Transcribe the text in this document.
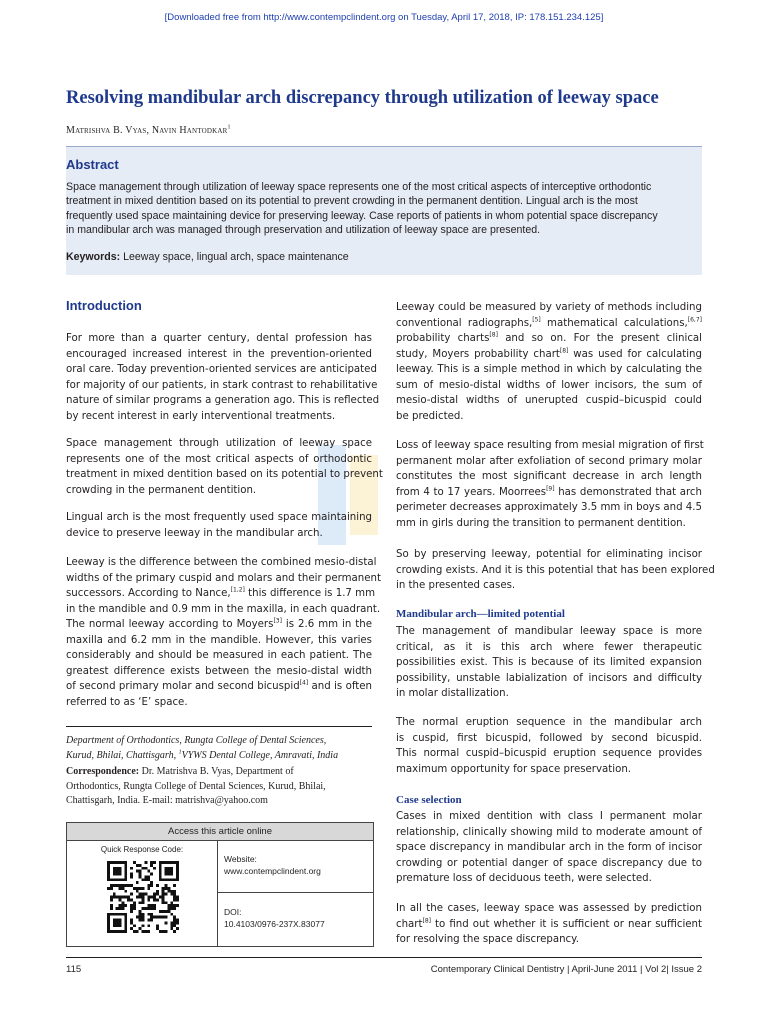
[Downloaded free from http://www.contempclindent.org on Tuesday, April 17, 2018, IP: 178.151.234.125]
Resolving mandibular arch discrepancy through utilization of leeway space
Matrishva B. Vyas, Navin Hantodkar$^1$
Abstract
Space management through utilization of leeway space represents one of the most critical aspects of interceptive orthodontic
treatment in mixed dentition based on its potential to prevent crowding in the permanent dentition. Lingual arch is the most
frequently used space maintaining device for preserving leeway. Case reports of patients in whom potential space discrepancy
in mandibular arch was managed through preservation and utilization of leeway space are presented.
Keywords: Leeway space, lingual arch, space maintenance
Introduction
For more than a quarter century, dental profession has
encouraged increased interest in the prevention-oriented
oral care. Today prevention-oriented services are anticipated
for majority of our patients, in stark contrast to rehabilitative
nature of similar programs a generation ago. This is reflected
by recent interest in early interventional treatments.
Space management through utilization of leeway space
represents one of the most critical aspects of orthodontic
treatment in mixed dentition based on its potential to prevent
crowding in the permanent dentition.
Lingual arch is the most frequently used space maintaining
device to preserve leeway in the mandibular arch.
Leeway is the difference between the combined mesio-distal
widths of the primary cuspid and molars and their permanent
successors. According to Nance,[1,2] this difference is 1.7 mm
in the mandible and 0.9 mm in the maxilla, in each quadrant.
The normal leeway according to Moyers[3] is 2.6 mm in the
maxilla and 6.2 mm in the mandible. However, this varies
considerably and should be measured in each patient. The
greatest difference exists between the mesio-distal width
of second primary molar and second bicuspid[4] and is often
referred to as ‘E’ space.
Department of Orthodontics, Rungta College of Dental Sciences,
Kurud, Bhilai, Chattisgarh, $^1$VYWS Dental College, Amravati, India
Correspondence: Dr. Matrishva B. Vyas, Department of
Orthodontics, Rungta College of Dental Sciences, Kurud, Bhilai,
Chattisgarh, India. E-mail: matrishva@yahoo.com
Access this article online
Quick Response Code:
Website:
www.contempclindent.org
DOI:
10.4103/0976-237X.83077
Leeway could be measured by variety of methods including
conventional radiographs,[5] mathematical calculations,[6,7]
probability charts[8] and so on. For the present clinical
study, Moyers probability chart[8] was used for calculating
leeway. This is a simple method in which by calculating the
sum of mesio-distal widths of lower incisors, the sum of
mesio-distal widths of unerupted cuspid–bicuspid could
be predicted.
Loss of leeway space resulting from mesial migration of first
permanent molar after exfoliation of second primary molar
constitutes the most significant decrease in arch length
from 4 to 17 years. Moorrees[9] has demonstrated that arch
perimeter decreases approximately 3.5 mm in boys and 4.5
mm in girls during the transition to permanent dentition.
So by preserving leeway, potential for eliminating incisor
crowding exists. And it is this potential that has been explored
in the presented cases.
Mandibular arch—limited potential
The management of mandibular leeway space is more
critical, as it is this arch where fewer therapeutic
possibilities exist. This is because of its limited expansion
possibility, unstable labialization of incisors and difficulty
in molar distallization.
The normal eruption sequence in the mandibular arch
is cuspid, first bicuspid, followed by second bicuspid.
This normal cuspid–bicuspid eruption sequence provides
maximum opportunity for space preservation.
Case selection
Cases in mixed dentition with class I permanent molar
relationship, clinically showing mild to moderate amount of
space discrepancy in mandibular arch in the form of incisor
crowding or potential danger of space discrepancy due to
premature loss of deciduous teeth, were selected.
In all the cases, leeway space was assessed by prediction
chart[8] to find out whether it is sufficient or near sufficient
for resolving the space discrepancy.
115	Contemporary Clinical Dentistry | April-June 2011 | Vol 2| Issue 2
